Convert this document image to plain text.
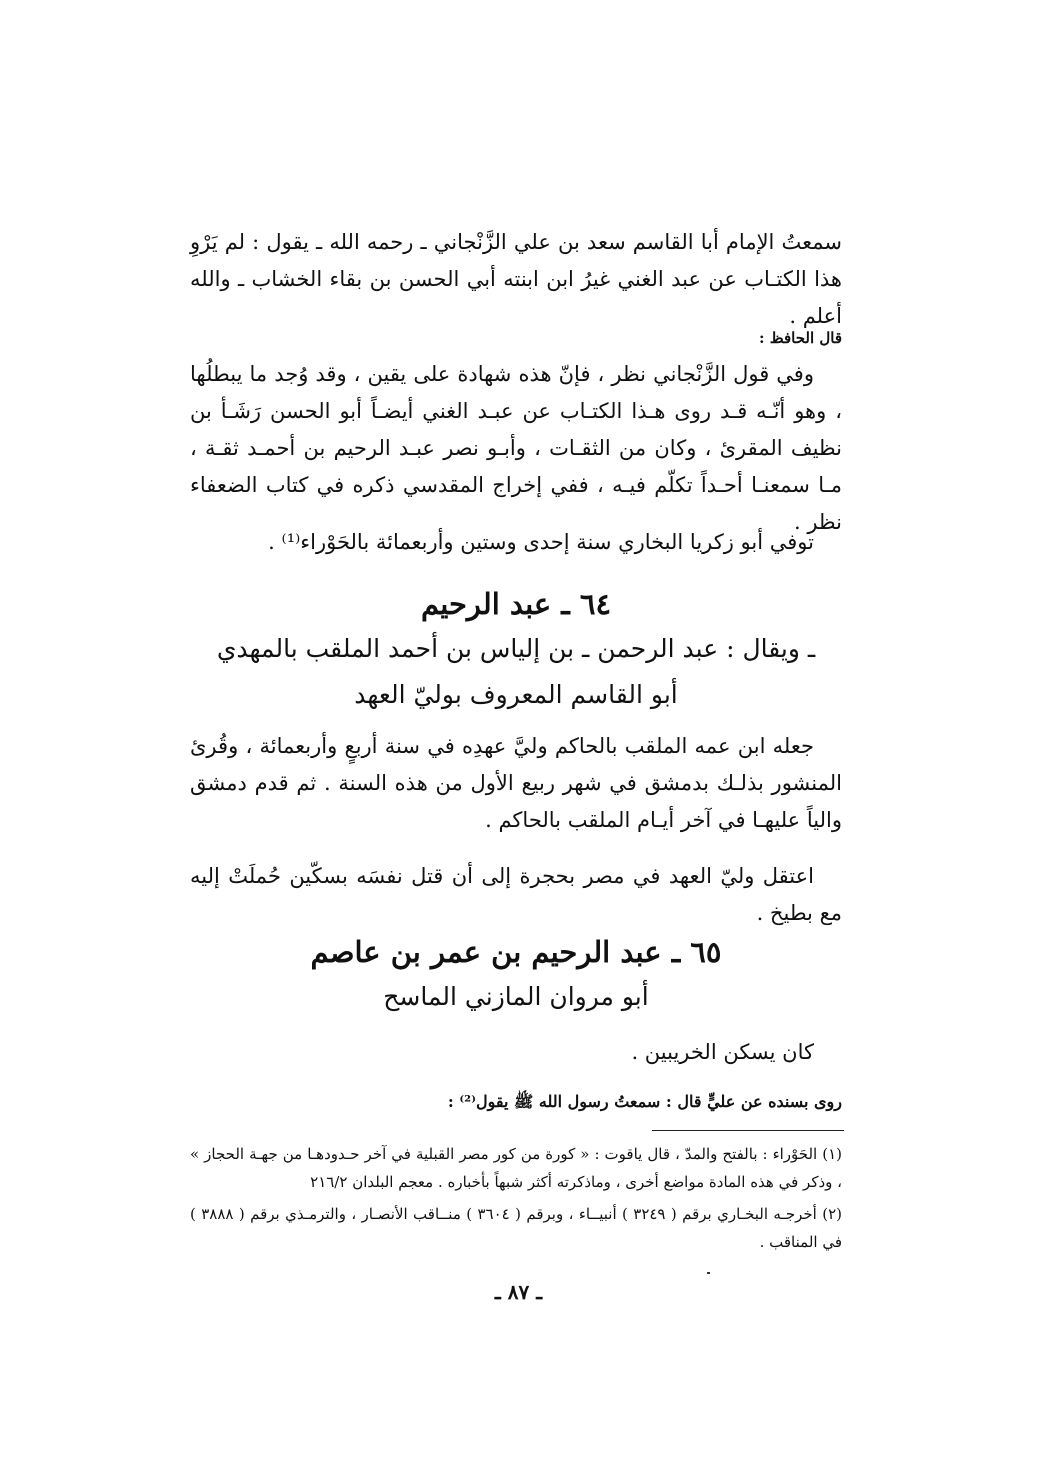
سمعتُ الإمام أبا القاسم سعد بن علي الزَّنْجاني ـ رحمه الله ـ يقول : لم يَرْوِ هذا الكتـاب عن عبد الغني غيرُ ابن ابنته أبي الحسن بن بقاء الخشاب ـ والله أعلم .

قال الحافظ :

وفي قول الزَّنْجاني نظر ، فإنّ هذه شهادة على يقين ، وقد وُجد ما يبطلُها ، وهو أنّـه قـد روى هـذا الكتـاب عن عبـد الغني أيضـاً أبو الحسن رَشَـأ بن نظيف المقرئ ، وكان من الثقـات ، وأبـو نصر عبـد الرحيم بن أحمـد ثقـة ، مـا سمعنـا أحـداً تكلّم فيـه ، ففي إخراج المقدسي ذكره في كتاب الضعفاء نظر .

توفي أبو زكريا البخاري سنة إحدى وستين وأربعمائة بالحَوْراء⁽¹⁾ .

٦٤ ـ عبد الرحيم

ـ ويقال : عبد الرحمن ـ بن إلياس بن أحمد الملقب بالمهدي

أبو القاسم المعروف بوليّ العهد

جعله ابن عمه الملقب بالحاكم وليَّ عهدِه في سنة أربعٍ وأربعمائة ، وقُرئ المنشور بذلـك بدمشق في شهر ربيع الأول من هذه السنة . ثم قدم دمشق والياً عليهـا في آخر أيـام الملقب بالحاكم .

اعتقل وليّ العهد في مصر بحجرة إلى أن قتل نفسَه بسكّين حُملَتْ إليه مع بطيخ .

٦٥ ـ عبد الرحيم بن عمر بن عاصم

أبو مروان المازني الماسح

كان يسكن الخريبين .

روى بسنده عن عليٍّ قال : سمعتُ رسول الله ﷺ يقول⁽²⁾ :

(١) الحَوْراء : بالفتح والمدّ ، قال ياقوت : « كورة من كور مصر القبلية في آخر حـدودهـا من جهـة الحجاز » ، وذكر في هذه المادة مواضع أخرى ، وماذكرته أكثر شبهاً بأخباره . معجم البلدان ٢١٦/٢

(٢) أخرجـه البخـاري برقم ( ٣٢٤٩ ) أنبيــاء ، وبرقم ( ٣٦٠٤ ) منــاقب الأنصـار ، والترمـذي برقم ( ٣٨٨٨ ) في المناقب .

ـ ٨٧ ـ
